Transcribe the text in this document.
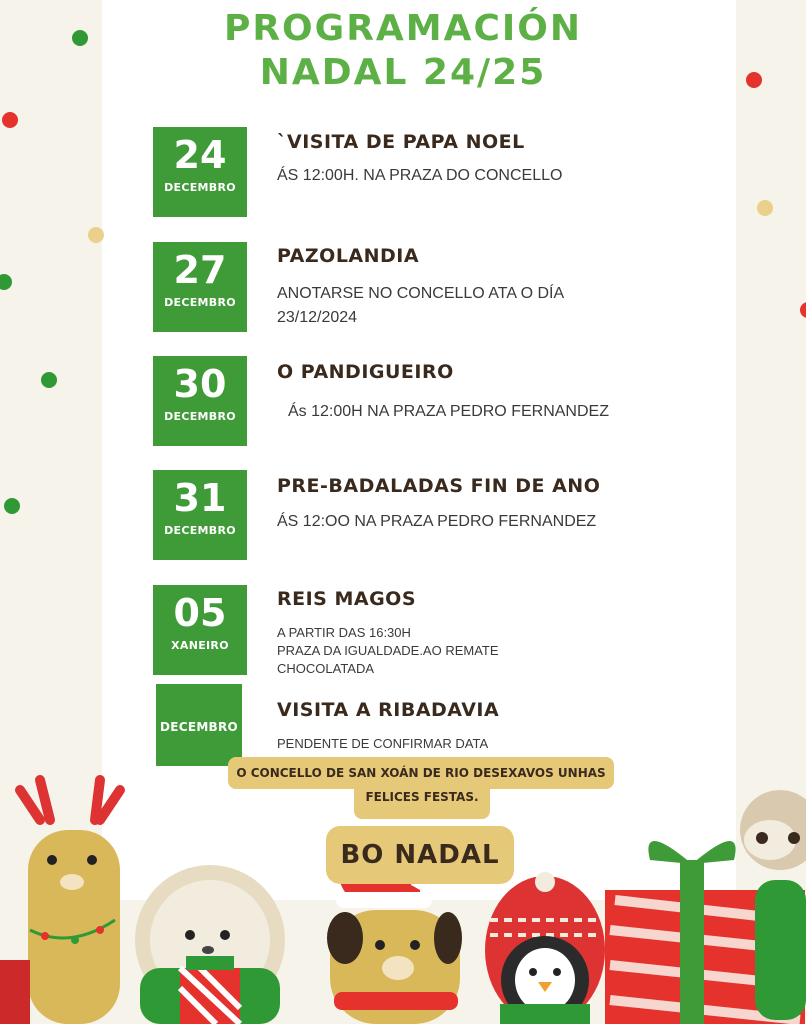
PROGRAMACIÓN
NADAL 24/25
24
DECEMBRO
`VISITA DE PAPA NOEL
ÁS 12:00H. NA PRAZA DO CONCELLO
27
DECEMBRO
PAZOLANDIA
ANOTARSE NO CONCELLO ATA O DÍA
23/12/2024
30
DECEMBRO
O PANDIGUEIRO
Ás 12:00H NA PRAZA PEDRO FERNANDEZ
31
DECEMBRO
PRE-BADALADAS FIN DE ANO
ÁS 12:OO NA PRAZA PEDRO FERNANDEZ
05
XANEIRO
REIS MAGOS
A PARTIR DAS 16:30H
PRAZA DA IGUALDADE.AO REMATE
CHOCOLATADA
DECEMBRO
VISITA A RIBADAVIA
PENDENTE DE CONFIRMAR DATA
FELICES FESTAS.
O CONCELLO DE SAN XOÁN DE RIO DESEXAVOS UNHAS
BO NADAL
